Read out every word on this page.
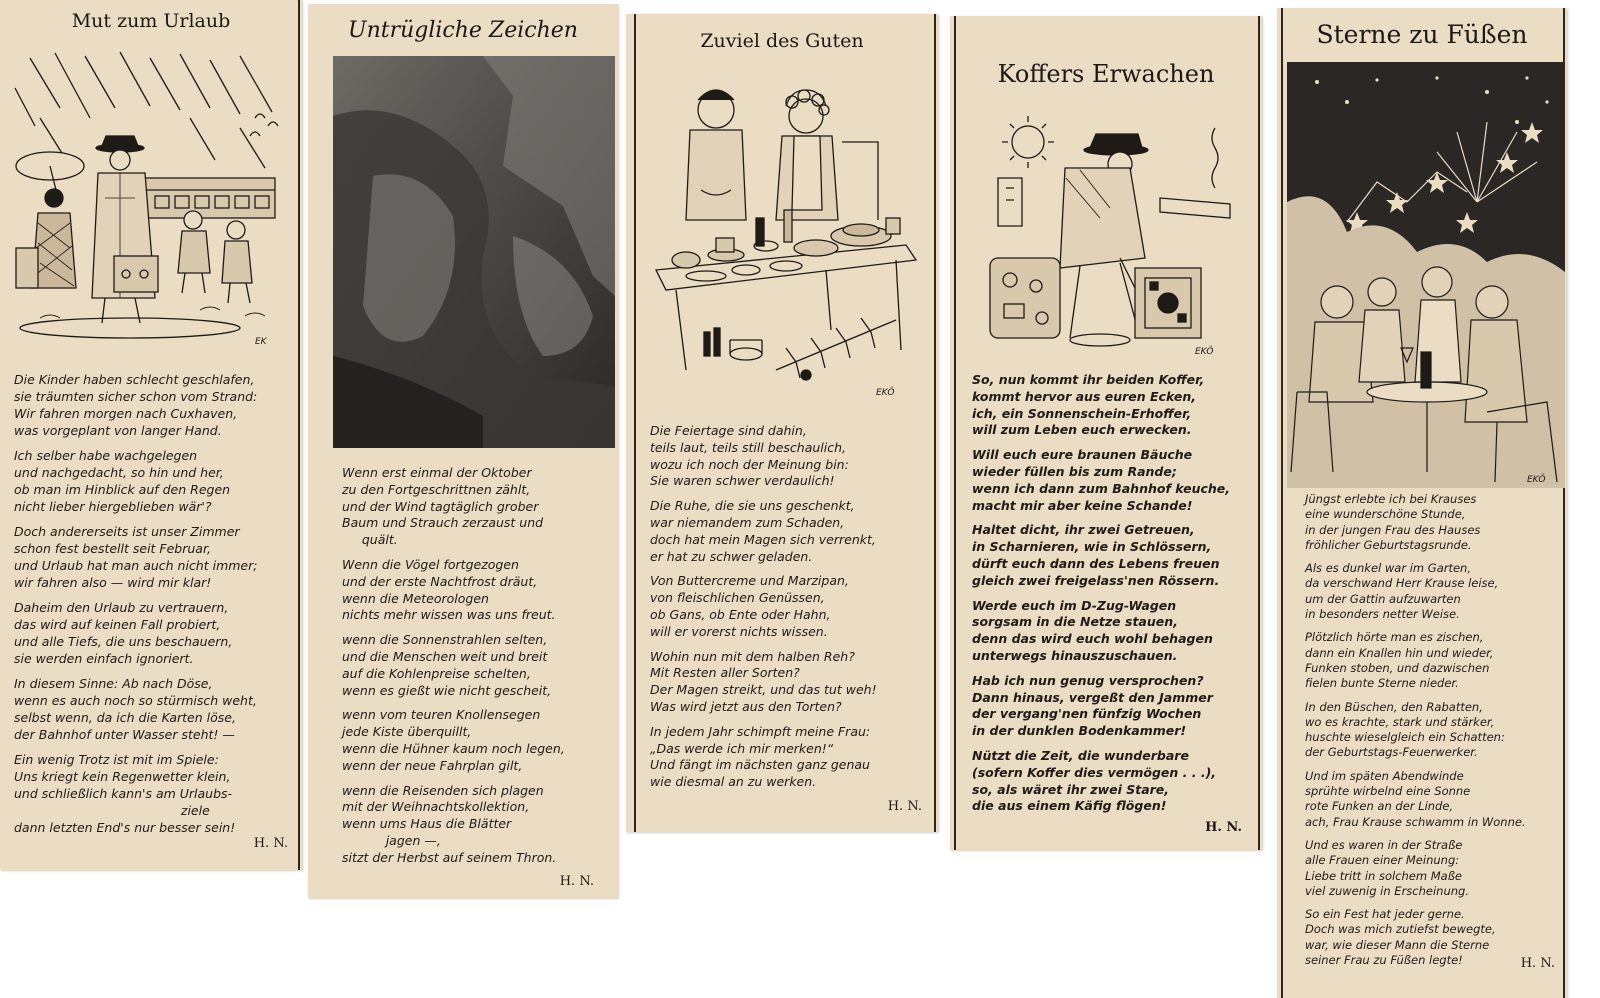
Mut zum Urlaub
EK
Die Kinder haben schlecht geschlafen,
sie träumten sicher schon vom Strand:
Wir fahren morgen nach Cuxhaven,
was vorgeplant von langer Hand.
Ich selber habe wachgelegen
und nachgedacht, so hin und her,
ob man im Hinblick auf den Regen
nicht lieber hiergeblieben wär'?
Doch andererseits ist unser Zimmer
schon fest bestellt seit Februar,
und Urlaub hat man auch nicht immer;
wir fahren also — wird mir klar!
Daheim den Urlaub zu vertrauern,
das wird auf keinen Fall probiert,
und alle Tiefs, die uns beschauern,
sie werden einfach ignoriert.
In diesem Sinne: Ab nach Döse,
wenn es auch noch so stürmisch weht,
selbst wenn, da ich die Karten löse,
der Bahnhof unter Wasser steht! —
Ein wenig Trotz ist mit im Spiele:
Uns kriegt kein Regenwetter klein,
und schließlich kann's am Urlaubs-
ziele
dann letzten End's nur besser sein!
H. N.
Untrügliche Zeichen
Wenn erst einmal der Oktober
zu den Fortgeschrittnen zählt,
und der Wind tagtäglich grober
Baum und Strauch zerzaust und
quält.
Wenn die Vögel fortgezogen
und der erste Nachtfrost dräut,
wenn die Meteorologen
nichts mehr wissen was uns freut.
wenn die Sonnenstrahlen selten,
und die Menschen weit und breit
auf die Kohlenpreise schelten,
wenn es gießt wie nicht gescheit,
wenn vom teuren Knollensegen
jede Kiste überquillt,
wenn die Hühner kaum noch legen,
wenn der neue Fahrplan gilt,
wenn die Reisenden sich plagen
mit der Weihnachtskollektion,
wenn ums Haus die Blätter
jagen —,
sitzt der Herbst auf seinem Thron.
H. N.
Zuviel des Guten
EKÖ
Die Feiertage sind dahin,
teils laut, teils still beschaulich,
wozu ich noch der Meinung bin:
Sie waren schwer verdaulich!
Die Ruhe, die sie uns geschenkt,
war niemandem zum Schaden,
doch hat mein Magen sich verrenkt,
er hat zu schwer geladen.
Von Buttercreme und Marzipan,
von fleischlichen Genüssen,
ob Gans, ob Ente oder Hahn,
will er vorerst nichts wissen.
Wohin nun mit dem halben Reh?
Mit Resten aller Sorten?
Der Magen streikt, und das tut weh!
Was wird jetzt aus den Torten?
In jedem Jahr schimpft meine Frau:
„Das werde ich mir merken!“
Und fängt im nächsten ganz genau
wie diesmal an zu werken.
H. N.
Koffers Erwachen
EKÖ
So, nun kommt ihr beiden Koffer,
kommt hervor aus euren Ecken,
ich, ein Sonnenschein-Erhoffer,
will zum Leben euch erwecken.
Will euch eure braunen Bäuche
wieder füllen bis zum Rande;
wenn ich dann zum Bahnhof keuche,
macht mir aber keine Schande!
Haltet dicht, ihr zwei Getreuen,
in Scharnieren, wie in Schlössern,
dürft euch dann des Lebens freuen
gleich zwei freigelass'nen Rössern.
Werde euch im D-Zug-Wagen
sorgsam in die Netze stauen,
denn das wird euch wohl behagen
unterwegs hinauszuschauen.
Hab ich nun genug versprochen?
Dann hinaus, vergeßt den Jammer
der vergang'nen fünfzig Wochen
in der dunklen Bodenkammer!
Nützt die Zeit, die wunderbare
(sofern Koffer dies vermögen . . .),
so, als wäret ihr zwei Stare,
die aus einem Käfig flögen!
H. N.
Sterne zu Füßen
EKÖ
Jüngst erlebte ich bei Krauses
eine wunderschöne Stunde,
in der jungen Frau des Hauses
fröhlicher Geburtstagsrunde.
Als es dunkel war im Garten,
da verschwand Herr Krause leise,
um der Gattin aufzuwarten
in besonders netter Weise.
Plötzlich hörte man es zischen,
dann ein Knallen hin und wieder,
Funken stoben, und dazwischen
fielen bunte Sterne nieder.
In den Büschen, den Rabatten,
wo es krachte, stark und stärker,
huschte wieselgleich ein Schatten:
der Geburtstags-Feuerwerker.
Und im späten Abendwinde
sprühte wirbelnd eine Sonne
rote Funken an der Linde,
ach, Frau Krause schwamm in Wonne.
Und es waren in der Straße
alle Frauen einer Meinung:
Liebe tritt in solchem Maße
viel zuwenig in Erscheinung.
So ein Fest hat jeder gerne.
Doch was mich zutiefst bewegte,
war, wie dieser Mann die Sterne
seiner Frau zu Füßen legte!	H. N.
